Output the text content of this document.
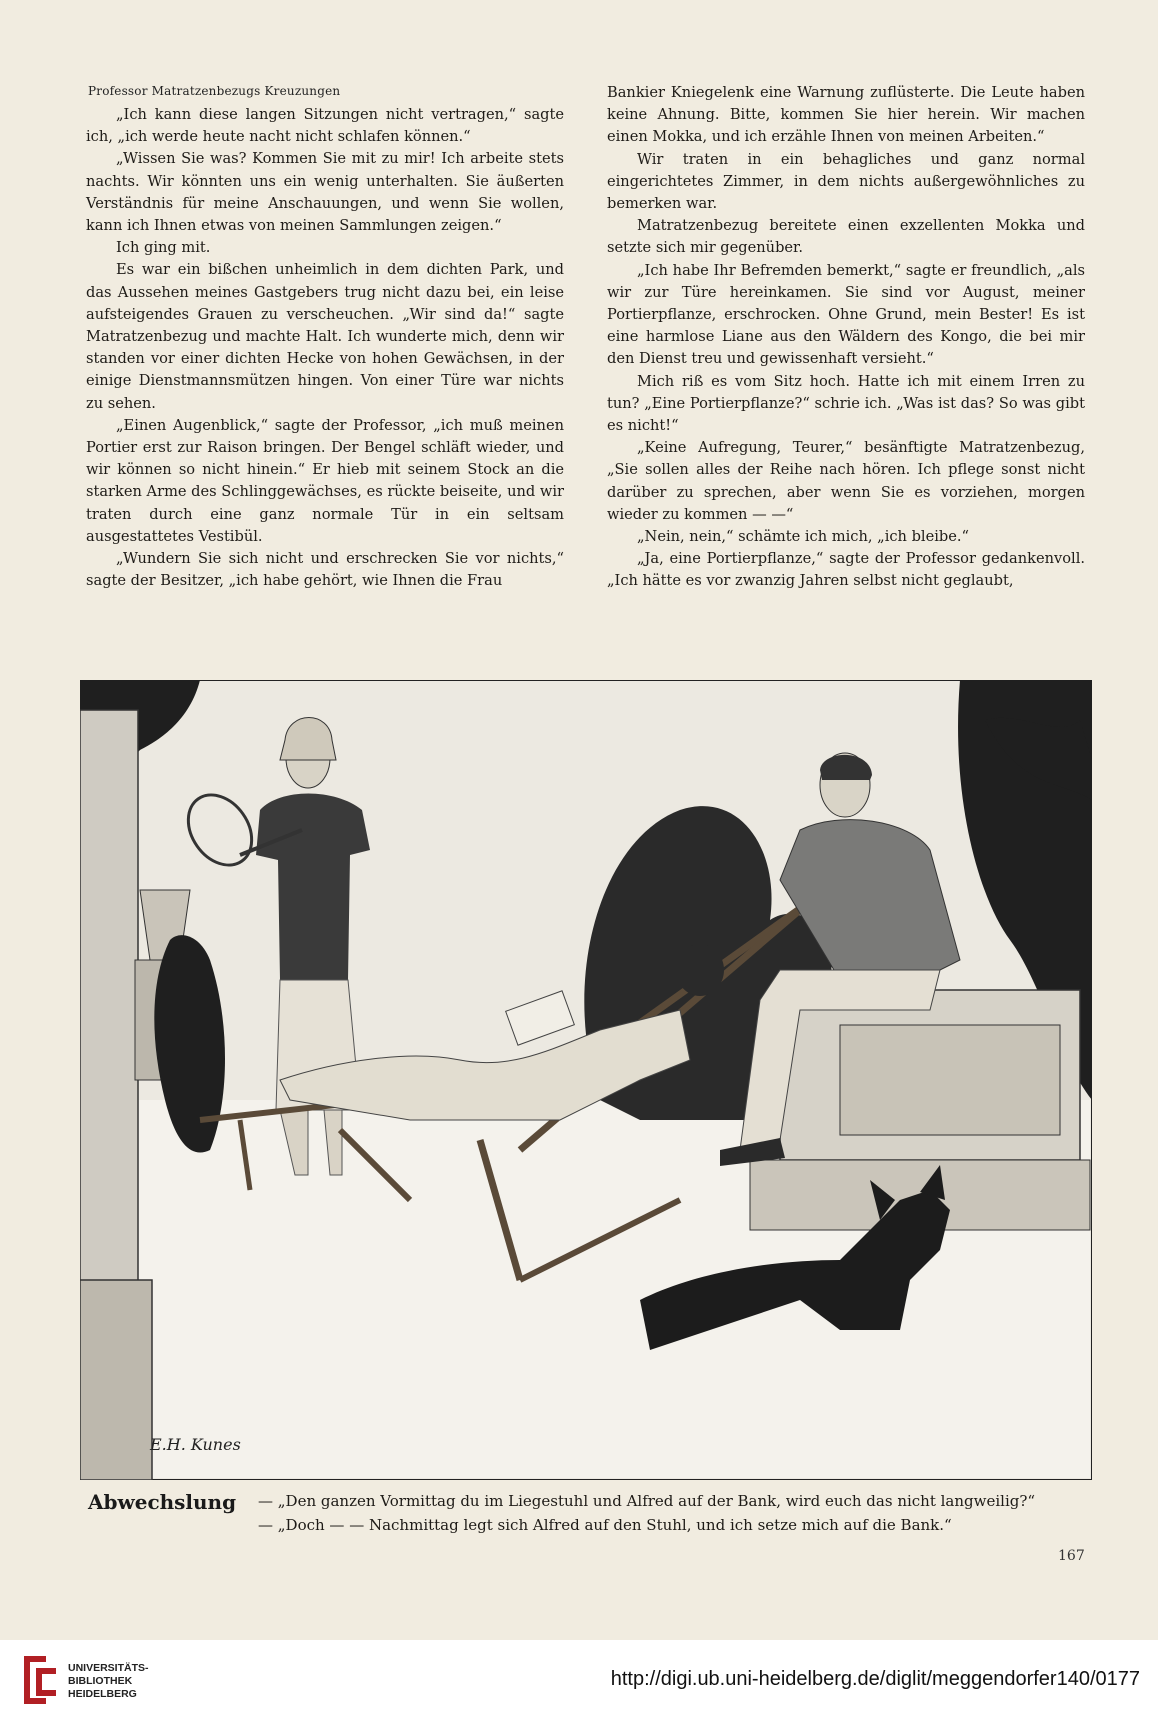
Professor Matratzenbezugs Kreuzungen

„Ich kann diese langen Sitzungen nicht vertragen,“ sagte ich, „ich werde heute nacht nicht schlafen können.“

„Wissen Sie was? Kommen Sie mit zu mir! Ich arbeite stets nachts. Wir könnten uns ein wenig unterhalten. Sie äußerten Verständnis für meine Anschauungen, und wenn Sie wollen, kann ich Ihnen etwas von meinen Sammlungen zeigen.“

Ich ging mit.

Es war ein bißchen unheimlich in dem dichten Park, und das Aussehen meines Gastgebers trug nicht dazu bei, ein leise aufsteigendes Grauen zu verscheuchen. „Wir sind da!“ sagte Matratzenbezug und machte Halt. Ich wunderte mich, denn wir standen vor einer dichten Hecke von hohen Gewächsen, in der einige Dienstmannsmützen hingen. Von einer Türe war nichts zu sehen.

„Einen Augenblick,“ sagte der Professor, „ich muß meinen Portier erst zur Raison bringen. Der Bengel schläft wieder, und wir können so nicht hinein.“ Er hieb mit seinem Stock an die starken Arme des Schlinggewächses, es rückte beiseite, und wir traten durch eine ganz normale Tür in ein seltsam ausgestattetes Vestibül.

„Wundern Sie sich nicht und erschrecken Sie vor nichts,“ sagte der Besitzer, „ich habe gehört, wie Ihnen die Frau

Bankier Kniegelenk eine Warnung zuflüsterte. Die Leute haben keine Ahnung. Bitte, kommen Sie hier herein. Wir machen einen Mokka, und ich erzähle Ihnen von meinen Arbeiten.“

Wir traten in ein behagliches und ganz normal eingerichtetes Zimmer, in dem nichts außergewöhnliches zu bemerken war.

Matratzenbezug bereitete einen exzellenten Mokka und setzte sich mir gegenüber.

„Ich habe Ihr Befremden bemerkt,“ sagte er freundlich, „als wir zur Türe hereinkamen. Sie sind vor August, meiner Portierpflanze, erschrocken. Ohne Grund, mein Bester! Es ist eine harmlose Liane aus den Wäldern des Kongo, die bei mir den Dienst treu und gewissenhaft versieht.“

Mich riß es vom Sitz hoch. Hatte ich mit einem Irren zu tun? „Eine Portierpflanze?“ schrie ich. „Was ist das? So was gibt es nicht!“

„Keine Aufregung, Teurer,“ besänftigte Matratzenbezug, „Sie sollen alles der Reihe nach hören. Ich pflege sonst nicht darüber zu sprechen, aber wenn Sie es vorziehen, morgen wieder zu kommen — —“

„Nein, nein,“ schämte ich mich, „ich bleibe.“

„Ja, eine Portierpflanze,“ sagte der Professor gedankenvoll. „Ich hätte es vor zwanzig Jahren selbst nicht geglaubt,

E.H. Kunes
Abwechslung — „Den ganzen Vormittag du im Liegestuhl und Alfred auf der Bank, wird euch das nicht langweilig?“
— „Doch — — Nachmittag legt sich Alfred auf den Stuhl, und ich setze mich auf die Bank.“
167
UNIVERSITÄTS-
BIBLIOTHEK
HEIDELBERG
http://digi.ub.uni-heidelberg.de/diglit/meggendorfer140/0177
